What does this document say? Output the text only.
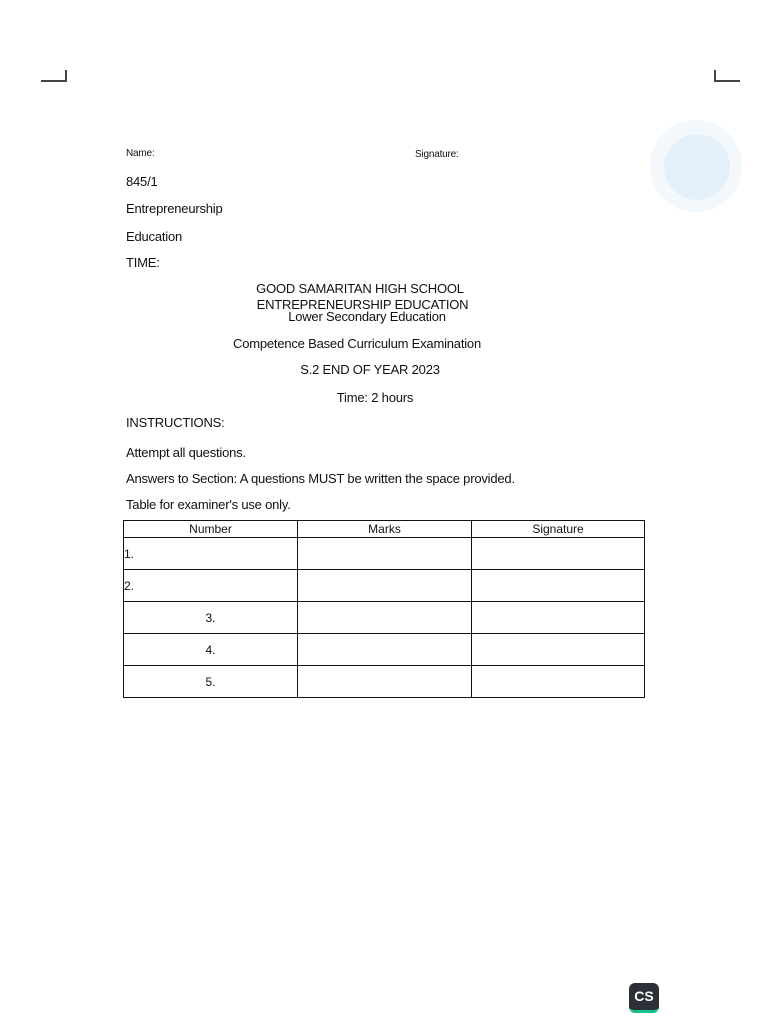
Name:	Signature:
845/1
Entrepreneurship
Education
TIME:
GOOD SAMARITAN HIGH SCHOOL
ENTREPRENEURSHIP EDUCATION
Lower Secondary Education
Competence Based Curriculum Examination
S.2 END OF YEAR 2023
Time: 2 hours
INSTRUCTIONS:
Attempt all questions.
Answers to Section: A questions MUST be written the space provided.
Table for examiner's use only.
Number	Marks	Signature
1.		
2.		
3.		
4.		
5.		
CS
